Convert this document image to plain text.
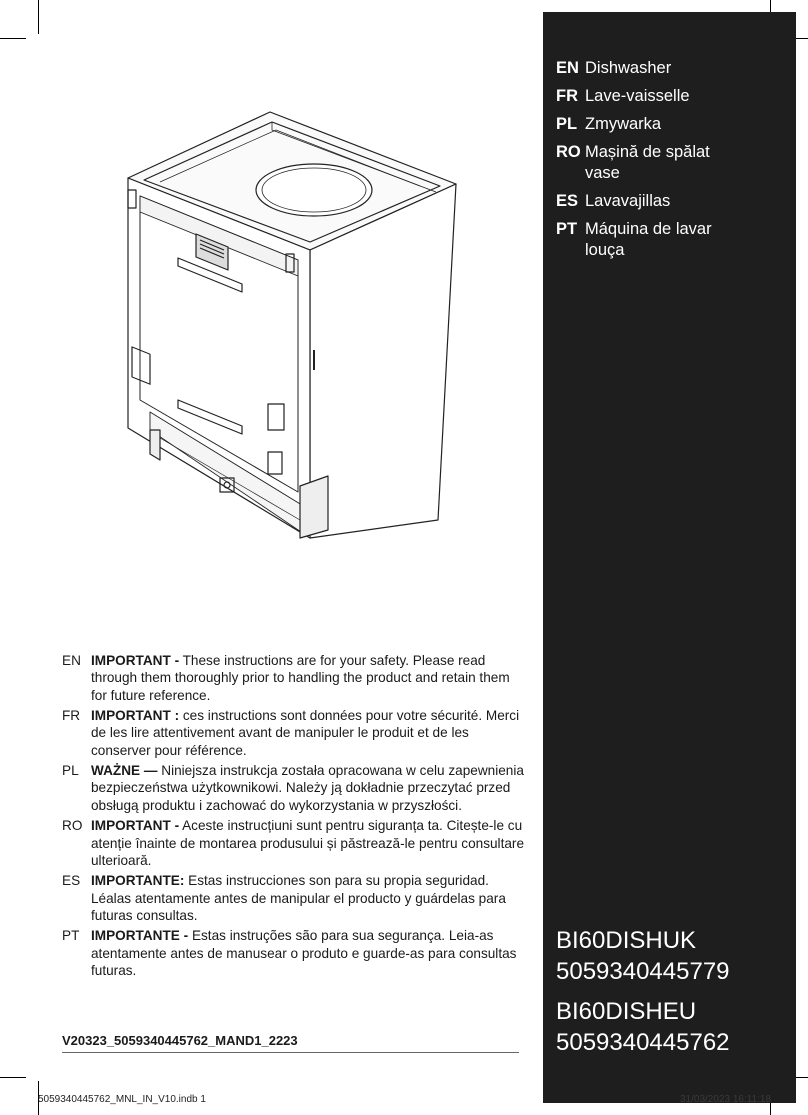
EN Dishwasher
FR Lave-vaisselle
PL Zmywarka
RO Mașină de spălat vase
ES Lavavajillas
PT Máquina de lavar louça
BI60DISHUK
5059340445779
BI60DISHEU
5059340445762
EN IMPORTANT - These instructions are for your safety. Please read through them thoroughly prior to handling the product and retain them for future reference.
FR IMPORTANT : ces instructions sont données pour votre sécurité. Merci de les lire attentivement avant de manipuler le produit et de les conserver pour référence.
PL WAŻNE — Niniejsza instrukcja została opracowana w celu zapewnienia bezpieczeństwa użytkownikowi. Należy ją dokładnie przeczytać przed obsługą produktu i zachować do wykorzystania w przyszłości.
RO IMPORTANT - Aceste instrucțiuni sunt pentru siguranța ta. Citește-le cu atenție înainte de montarea produsului și păstrează-le pentru consultare ulterioară.
ES IMPORTANTE: Estas instrucciones son para su propia seguridad. Léalas atentamente antes de manipular el producto y guárdelas para futuras consultas.
PT IMPORTANTE - Estas instruções são para sua segurança. Leia-as atentamente antes de manusear o produto e guarde-as para consultas futuras.
V20323_5059340445762_MAND1_2223
5059340445762_MNL_IN_V10.indb 1	31/03/2023 16:11:18
